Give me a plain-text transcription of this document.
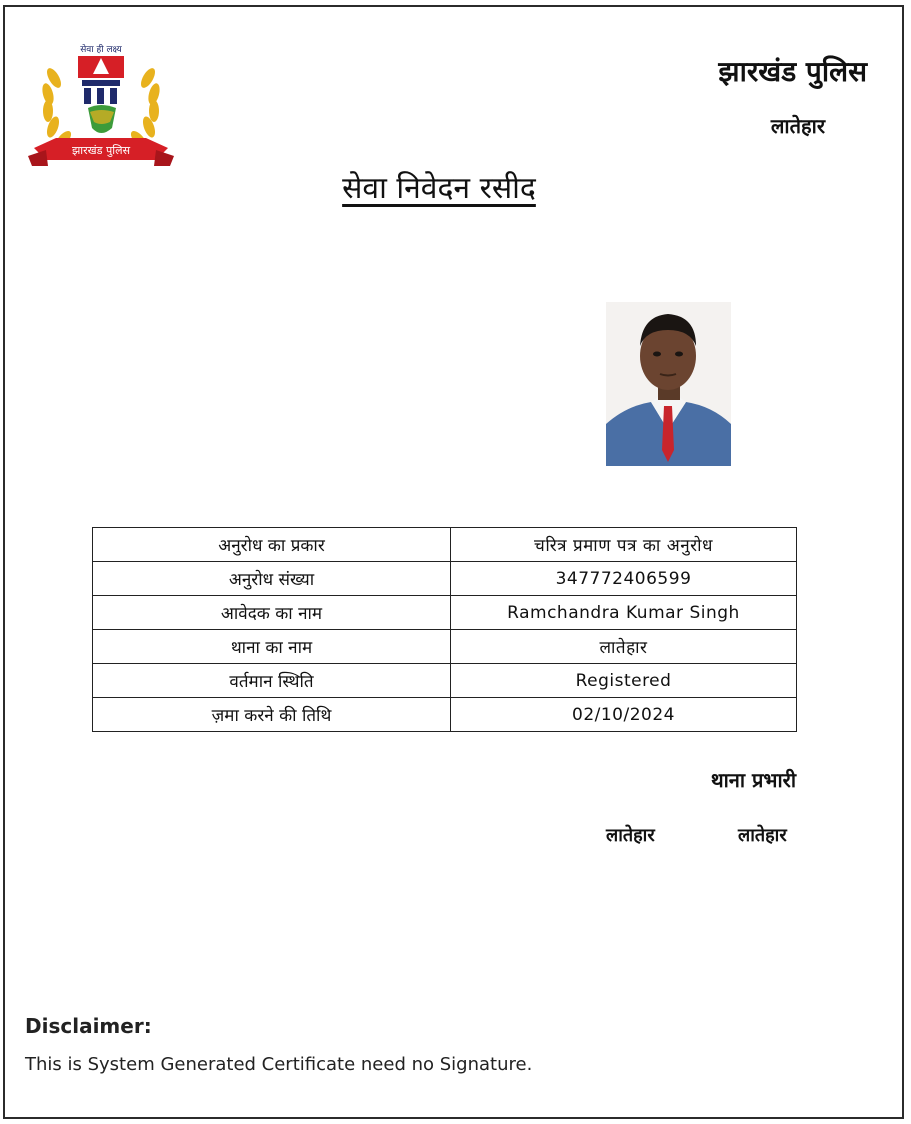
सेवा ही लक्ष्य
झारखंड पुलिस
झारखंड पुलिस
लातेहार
सेवा निवेदन रसीद
अनुरोध का प्रकार	चरित्र प्रमाण पत्र का अनुरोध
अनुरोध संख्या	347772406599
आवेदक का नाम	Ramchandra Kumar Singh
थाना का नाम	लातेहार
वर्तमान स्थिति	Registered
ज़मा करने की तिथि	02/10/2024
थाना प्रभारी
लातेहार	लातेहार
Disclaimer:
This is System Generated Certificate need no Signature.
